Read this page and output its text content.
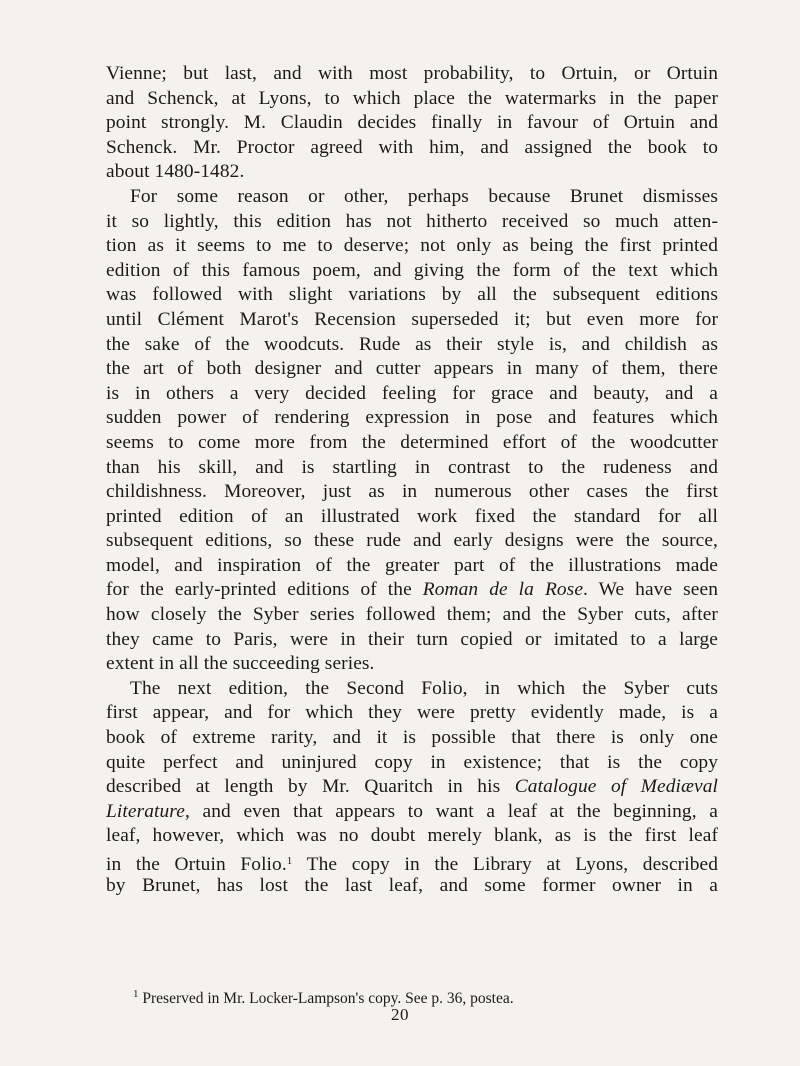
Vienne; but last, and with most probability, to Ortuin, or Ortuin
and Schenck, at Lyons, to which place the watermarks in the paper
point strongly. M. Claudin decides finally in favour of Ortuin and
Schenck. Mr. Proctor agreed with him, and assigned the book to
about 1480-1482.
For some reason or other, perhaps because Brunet dismisses
it so lightly, this edition has not hitherto received so much atten-
tion as it seems to me to deserve; not only as being the first printed
edition of this famous poem, and giving the form of the text which
was followed with slight variations by all the subsequent editions
until Clément Marot's Recension superseded it; but even more for
the sake of the woodcuts. Rude as their style is, and childish as
the art of both designer and cutter appears in many of them, there
is in others a very decided feeling for grace and beauty, and a
sudden power of rendering expression in pose and features which
seems to come more from the determined effort of the woodcutter
than his skill, and is startling in contrast to the rudeness and
childishness. Moreover, just as in numerous other cases the first
printed edition of an illustrated work fixed the standard for all
subsequent editions, so these rude and early designs were the source,
model, and inspiration of the greater part of the illustrations made
for the early-printed editions of the Roman de la Rose. We have seen
how closely the Syber series followed them; and the Syber cuts, after
they came to Paris, were in their turn copied or imitated to a large
extent in all the succeeding series.
The next edition, the Second Folio, in which the Syber cuts
first appear, and for which they were pretty evidently made, is a
book of extreme rarity, and it is possible that there is only one
quite perfect and uninjured copy in existence; that is the copy
described at length by Mr. Quaritch in his Catalogue of Mediæval
Literature, and even that appears to want a leaf at the beginning, a
leaf, however, which was no doubt merely blank, as is the first leaf
in the Ortuin Folio.$^1$ The copy in the Library at Lyons, described
by Brunet, has lost the last leaf, and some former owner in a
$^1$ Preserved in Mr. Locker-Lampson's copy. See p. 36, postea.
20
